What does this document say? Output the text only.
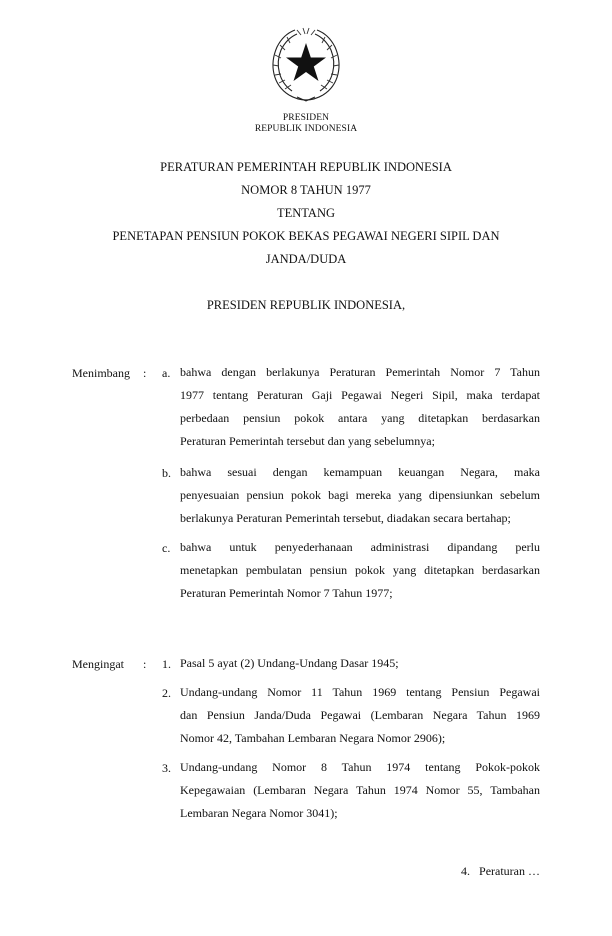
PRESIDEN
REPUBLIK INDONESIA
PERATURAN PEMERINTAH REPUBLIK INDONESIA
NOMOR 8 TAHUN 1977
TENTANG
PENETAPAN PENSIUN POKOK BEKAS PEGAWAI NEGERI SIPIL DAN
JANDA/DUDA
PRESIDEN REPUBLIK INDONESIA,
Menimbang : a. bahwa dengan berlakunya Peraturan Pemerintah Nomor 7 Tahun
1977 tentang Peraturan Gaji Pegawai Negeri Sipil, maka terdapat
perbedaan pensiun pokok antara yang ditetapkan berdasarkan
Peraturan Pemerintah tersebut dan yang sebelumnya;
b. bahwa sesuai dengan kemampuan keuangan Negara, maka
penyesuaian pensiun pokok bagi mereka yang dipensiunkan sebelum
berlakunya Peraturan Pemerintah tersebut, diadakan secara bertahap;
c. bahwa untuk penyederhanaan administrasi dipandang perlu
menetapkan pembulatan pensiun pokok yang ditetapkan berdasarkan
Peraturan Pemerintah Nomor 7 Tahun 1977;
Mengingat : 1. Pasal 5 ayat (2) Undang-Undang Dasar 1945;
2. Undang-undang Nomor 11 Tahun 1969 tentang Pensiun Pegawai
dan Pensiun Janda/Duda Pegawai (Lembaran Negara Tahun 1969
Nomor 42, Tambahan Lembaran Negara Nomor 2906);
3. Undang-undang Nomor 8 Tahun 1974 tentang Pokok-pokok
Kepegawaian (Lembaran Negara Tahun 1974 Nomor 55, Tambahan
Lembaran Negara Nomor 3041);
4. Peraturan …
